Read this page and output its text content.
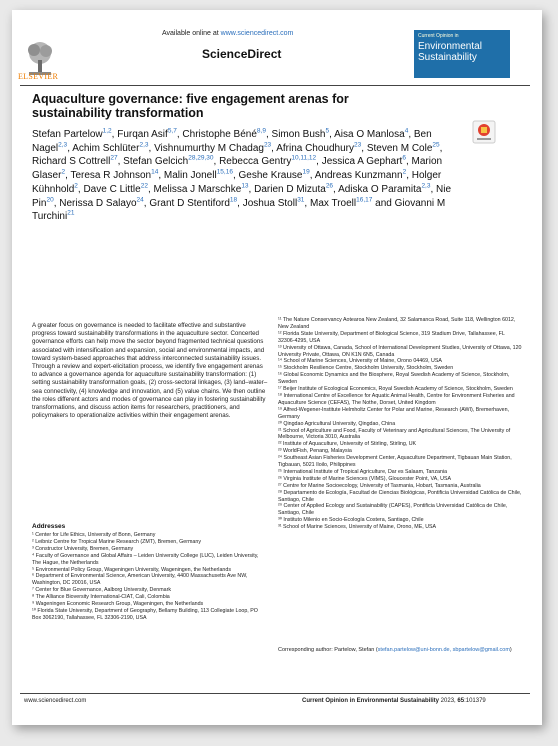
ELSEVIER
Available online at www.sciencedirect.com
ScienceDirect
Current Opinion in
Environmental Sustainability
Aquaculture governance: five engagement arenas for sustainability transformation
Stefan Partelow$^{1,2}$, Furqan Asif$^{5,7}$, Christophe Béné$^{8,9}$, Simon Bush$^5$, Aisa O Manlosa$^4$, Ben Nagel$^{2,3}$, Achim Schlüter$^{2,3}$, Vishnumurthy M Chadag$^{23}$, Afrina Choudhury$^{23}$, Steven M Cole$^{25}$, Richard S Cottrell$^{27}$, Stefan Gelcich$^{28,29,30}$, Rebecca Gentry$^{10,11,12}$, Jessica A Gephart$^6$, Marion Glaser$^2$, Teresa R Johnson$^{14}$, Malin Jonell$^{15,16}$, Geshe Krause$^{19}$, Andreas Kunzmann$^2$, Holger Kühnhold$^2$, Dave C Little$^{22}$, Melissa J Marschke$^{13}$, Darien D Mizuta$^{26}$, Adiska O Paramita$^{2,3}$, Nie Pin$^{20}$, Nerissa D Salayo$^{24}$, Grant D Stentiford$^{18}$, Joshua Stoll$^{31}$, Max Troell$^{16,17}$ and Giovanni M Turchini$^{21}$
A greater focus on governance is needed to facilitate effective and substantive progress toward sustainability transformations in the aquaculture sector. Concerted governance efforts can help move the sector beyond fragmented technical questions associated with intensification and expansion, social and environmental impacts, and toward system-based approaches that address interconnected sustainability issues. Through a review and expert-elicitation process, we identify five engagement arenas to advance a governance agenda for aquaculture sustainability transformation: (1) setting sustainability transformation goals, (2) cross-sectoral linkages, (3) land–water–sea connectivity, (4) knowledge and innovation, and (5) value chains. We then outline the roles different actors and modes of governance can play in fostering sustainability transformations, and discuss action items for researchers, practitioners, and policymakers to operationalize activities within their engagement arenas.
Addresses
¹ Center for Life Ethics, University of Bonn, Germany
² Leibniz Centre for Tropical Marine Research (ZMT), Bremen, Germany
³ Constructor University, Bremen, Germany
⁴ Faculty of Governance and Global Affairs – Leiden University College (LUC), Leiden University, The Hague, the Netherlands
⁵ Environmental Policy Group, Wageningen University, Wageningen, the Netherlands
⁶ Department of Environmental Science, American University, 4400 Massachusetts Ave NW, Washington, DC 20016, USA
⁷ Center for Blue Governance, Aalborg University, Denmark
⁸ The Alliance Bioversity International-CIAT, Cali, Colombia
⁹ Wageningen Economic Research Group, Wageningen, the Netherlands
¹⁰ Florida State University, Department of Geography, Bellamy Building, 113 Collegiate Loop, PO Box 3062190, Tallahassee, FL 32306-2190, USA
¹¹ The Nature Conservancy Aotearoa New Zealand, 32 Salamanca Road, Suite 118, Wellington 6012, New Zealand
¹² Florida State University, Department of Biological Science, 319 Stadium Drive, Tallahassee, FL 32306-4295, USA
¹³ University of Ottawa, Canada, School of International Development Studies, University of Ottawa, 120 University Private, Ottawa, ON K1N 6N5, Canada
¹⁴ School of Marine Sciences, University of Maine, Orono 04469, USA
¹⁵ Stockholm Resilience Centre, Stockholm University, Stockholm, Sweden
¹⁶ Global Economic Dynamics and the Biosphere, Royal Swedish Academy of Science, Stockholm, Sweden
¹⁷ Beijer Institute of Ecological Economics, Royal Swedish Academy of Science, Stockholm, Sweden
¹⁸ International Centre of Excellence for Aquatic Animal Health, Centre for Environment Fisheries and Aquaculture Science (CEFAS), The Nothe, Dorset, United Kingdom
¹⁹ Alfred-Wegener-Institute Helmholtz Center for Polar and Marine, Research (AWI), Bremerhaven, Germany
²⁰ Qingdao Agricultural University, Qingdao, China
²¹ School of Agriculture and Food, Faculty of Veterinary and Agricultural Sciences, The University of Melbourne, Victoria 3010, Australia
²² Institute of Aquaculture, University of Stirling, Stirling, UK
²³ WorldFish, Penang, Malaysia
²⁴ Southeast Asian Fisheries Development Center, Aquaculture Department, Tigbauan Main Station, Tigbauan, 5021 Iloilo, Philippines
²⁵ International Institute of Tropical Agriculture, Dar es Salaam, Tanzania
²⁶ Virginia Institute of Marine Sciences (VIMS), Gloucester Point, VA, USA
²⁷ Centre for Marine Socioecology, University of Tasmania, Hobart, Tasmania, Australia
²⁸ Departamento de Ecología, Facultad de Ciencias Biológicas, Pontificia Universidad Católica de Chile, Santiago, Chile
²⁹ Center of Applied Ecology and Sustainability (CAPES), Pontificia Universidad Católica de Chile, Santiago, Chile
³⁰ Instituto Milenio en Socio-Ecología Costera, Santiago, Chile
³¹ School of Marine Sciences, University of Maine, Orono, ME, USA
Corresponding author: Partelow, Stefan (stefan.partelow@uni-bonn.de, sbpartelow@gmail.com)
www.sciencedirect.com	Current Opinion in Environmental Sustainability 2023, 65:101379
